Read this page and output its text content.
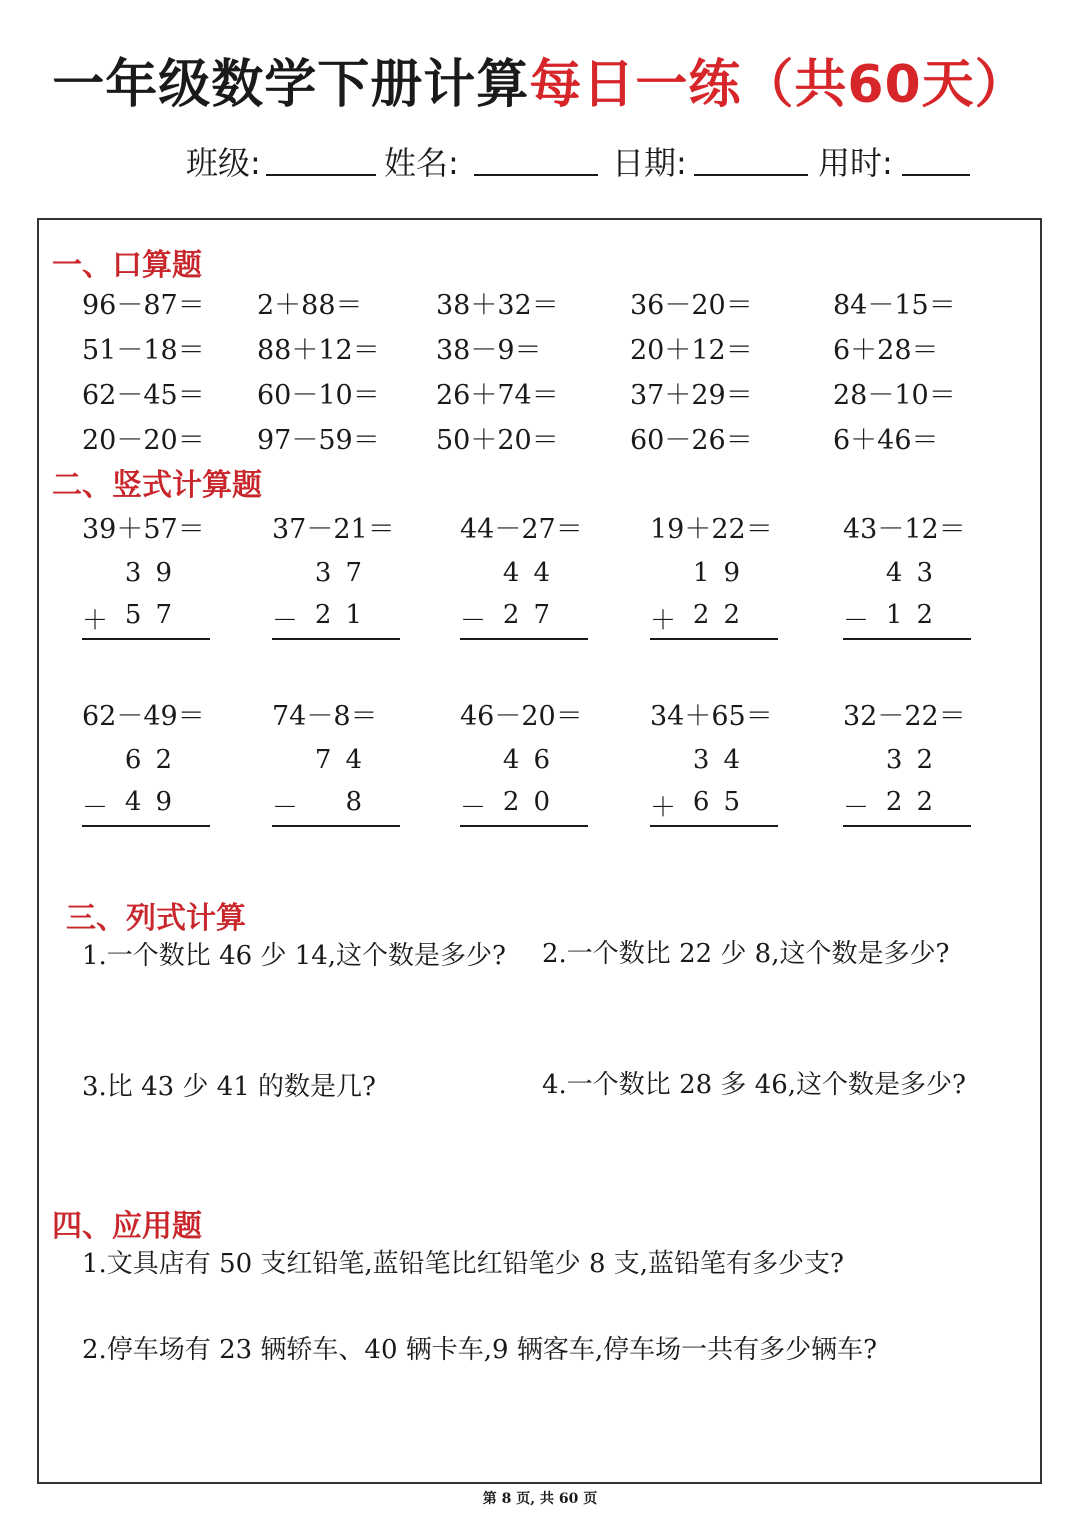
一年级数学下册计算每日一练（共60天）
班级:	姓名:	日期:	用时:
一、口算题
96－87＝ 2＋88＝	38＋32＝	36－20＝	84－15＝
51－18＝ 88＋12＝ 38－9＝	20＋12＝	6＋28＝
62－45＝ 60－10＝ 26＋74＝	37＋29＝	28－10＝
20－20＝ 97－59＝ 50＋20＝	60－26＝	6＋46＝
二、竖式计算题
39＋57＝
39
＋ 57
37－21＝
37
－ 21
44－27＝
44
－ 27
19＋22＝
19
＋ 22
43－12＝
43
－ 12
62－49＝
62
－ 49
74－8＝
74
－ 8
46－20＝
46
－ 20
34＋65＝
34
＋ 65
32－22＝
32
－ 22
三、列式计算
1.一个数比 46 少 14,这个数是多少? 2.一个数比 22 少 8,这个数是多少?
3.比 43 少 41 的数是几?	4.一个数比 28 多 46,这个数是多少?
四、应用题
1.文具店有 50 支红铅笔,蓝铅笔比红铅笔少 8 支,蓝铅笔有多少支?
2.停车场有 23 辆轿车、40 辆卡车,9 辆客车,停车场一共有多少辆车?
第 8 页, 共 60 页
